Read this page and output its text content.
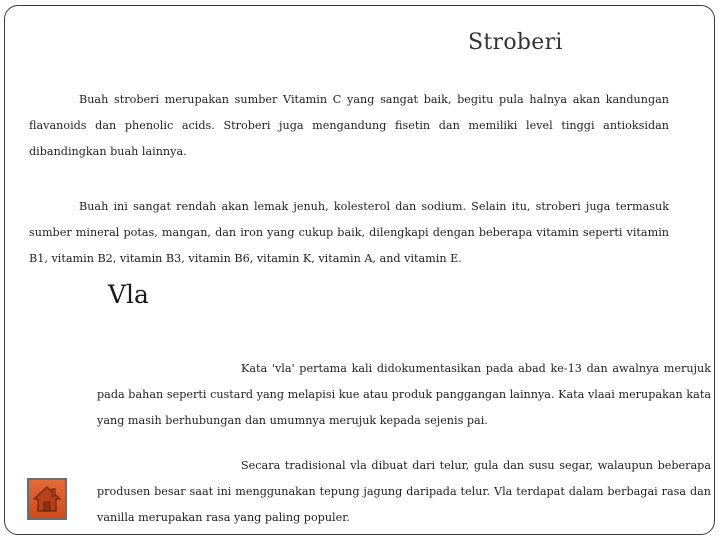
Stroberi

Buah stroberi merupakan sumber Vitamin C yang sangat baik, begitu pula halnya akan kandungan flavanoids dan phenolic acids. Stroberi juga mengandung fisetin dan memiliki level tinggi antioksidan dibandingkan buah lainnya.

Buah ini sangat rendah akan lemak jenuh, kolesterol dan sodium. Selain itu, stroberi juga termasuk sumber mineral potas, mangan, dan iron yang cukup baik, dilengkapi dengan beberapa vitamin seperti vitamin B1, vitamin B2, vitamin B3, vitamin B6, vitamin K, vitamin A, and vitamin E.

Vla

Kata 'vla' pertama kali didokumentasikan pada abad ke-13 dan awalnya merujuk pada bahan seperti custard yang melapisi kue atau produk panggangan lainnya. Kata vlaai merupakan kata yang masih berhubungan dan umumnya merujuk kepada sejenis pai.

Secara tradisional vla dibuat dari telur, gula dan susu segar, walaupun beberapa produsen besar saat ini menggunakan tepung jagung daripada telur. Vla terdapat dalam berbagai rasa dan vanilla merupakan rasa yang paling populer.
